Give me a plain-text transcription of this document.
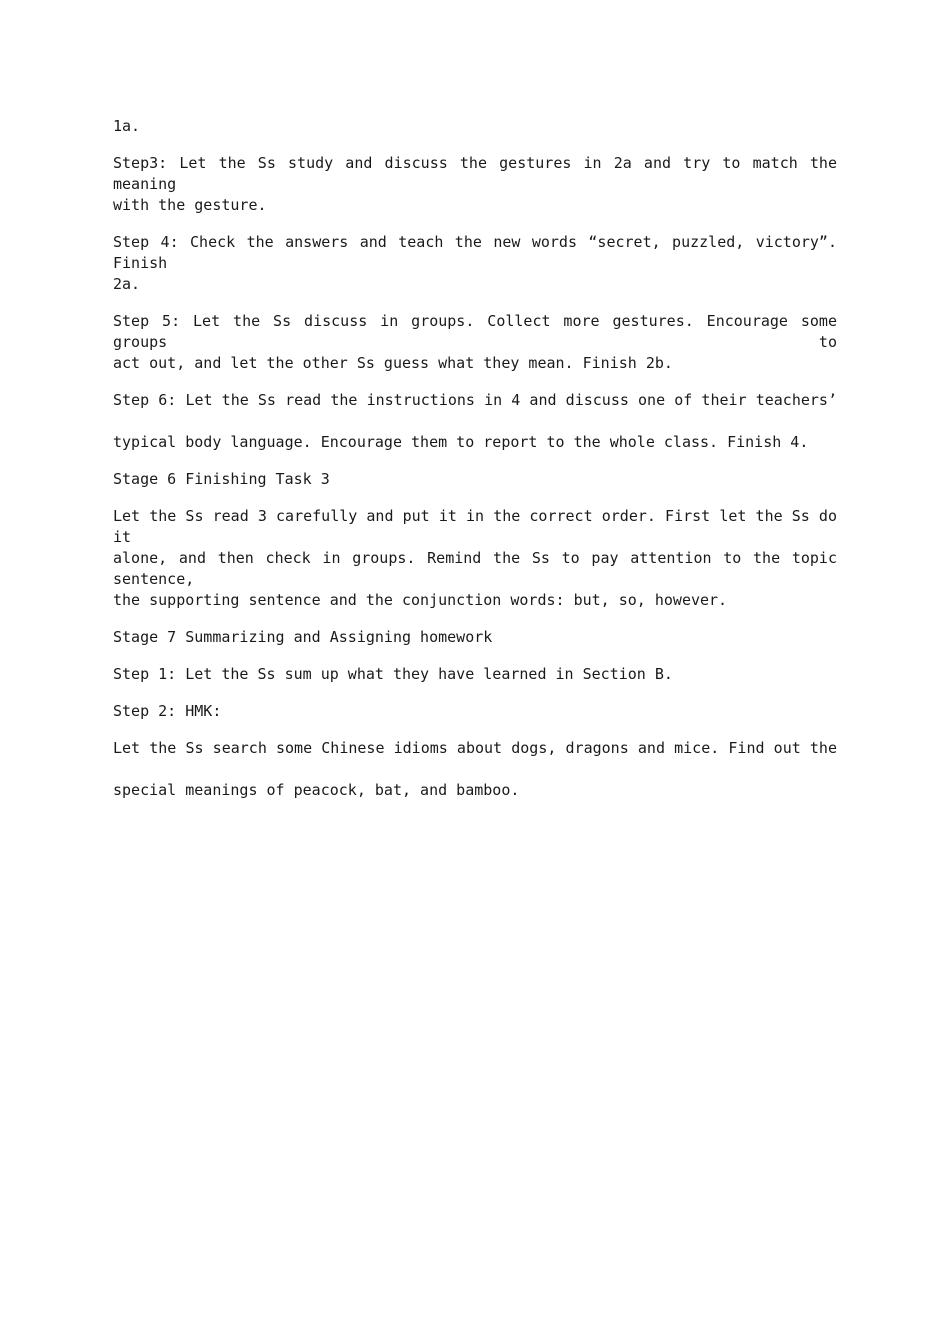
1a.
Step3: Let the Ss study and discuss the gestures in 2a and try to match the meaning
with the gesture.
Step 4: Check the answers and teach the new words “secret, puzzled, victory”. Finish
2a.
Step 5: Let the Ss discuss in groups. Collect more gestures. Encourage some groups to
act out, and let the other Ss guess what they mean. Finish 2b.
Step 6: Let the Ss read the instructions in 4 and discuss one of their teachers’
typical body language. Encourage them to report to the whole class. Finish 4.
Stage 6 Finishing Task 3
Let the Ss read 3 carefully and put it in the correct order. First let the Ss do it
alone, and then check in groups. Remind the Ss to pay attention to the topic sentence,
the supporting sentence and the conjunction words: but, so, however.
Stage 7 Summarizing and Assigning homework
Step 1: Let the Ss sum up what they have learned in Section B.
Step 2: HMK:
Let the Ss search some Chinese idioms about dogs, dragons and mice. Find out the
special meanings of peacock, bat, and bamboo.
